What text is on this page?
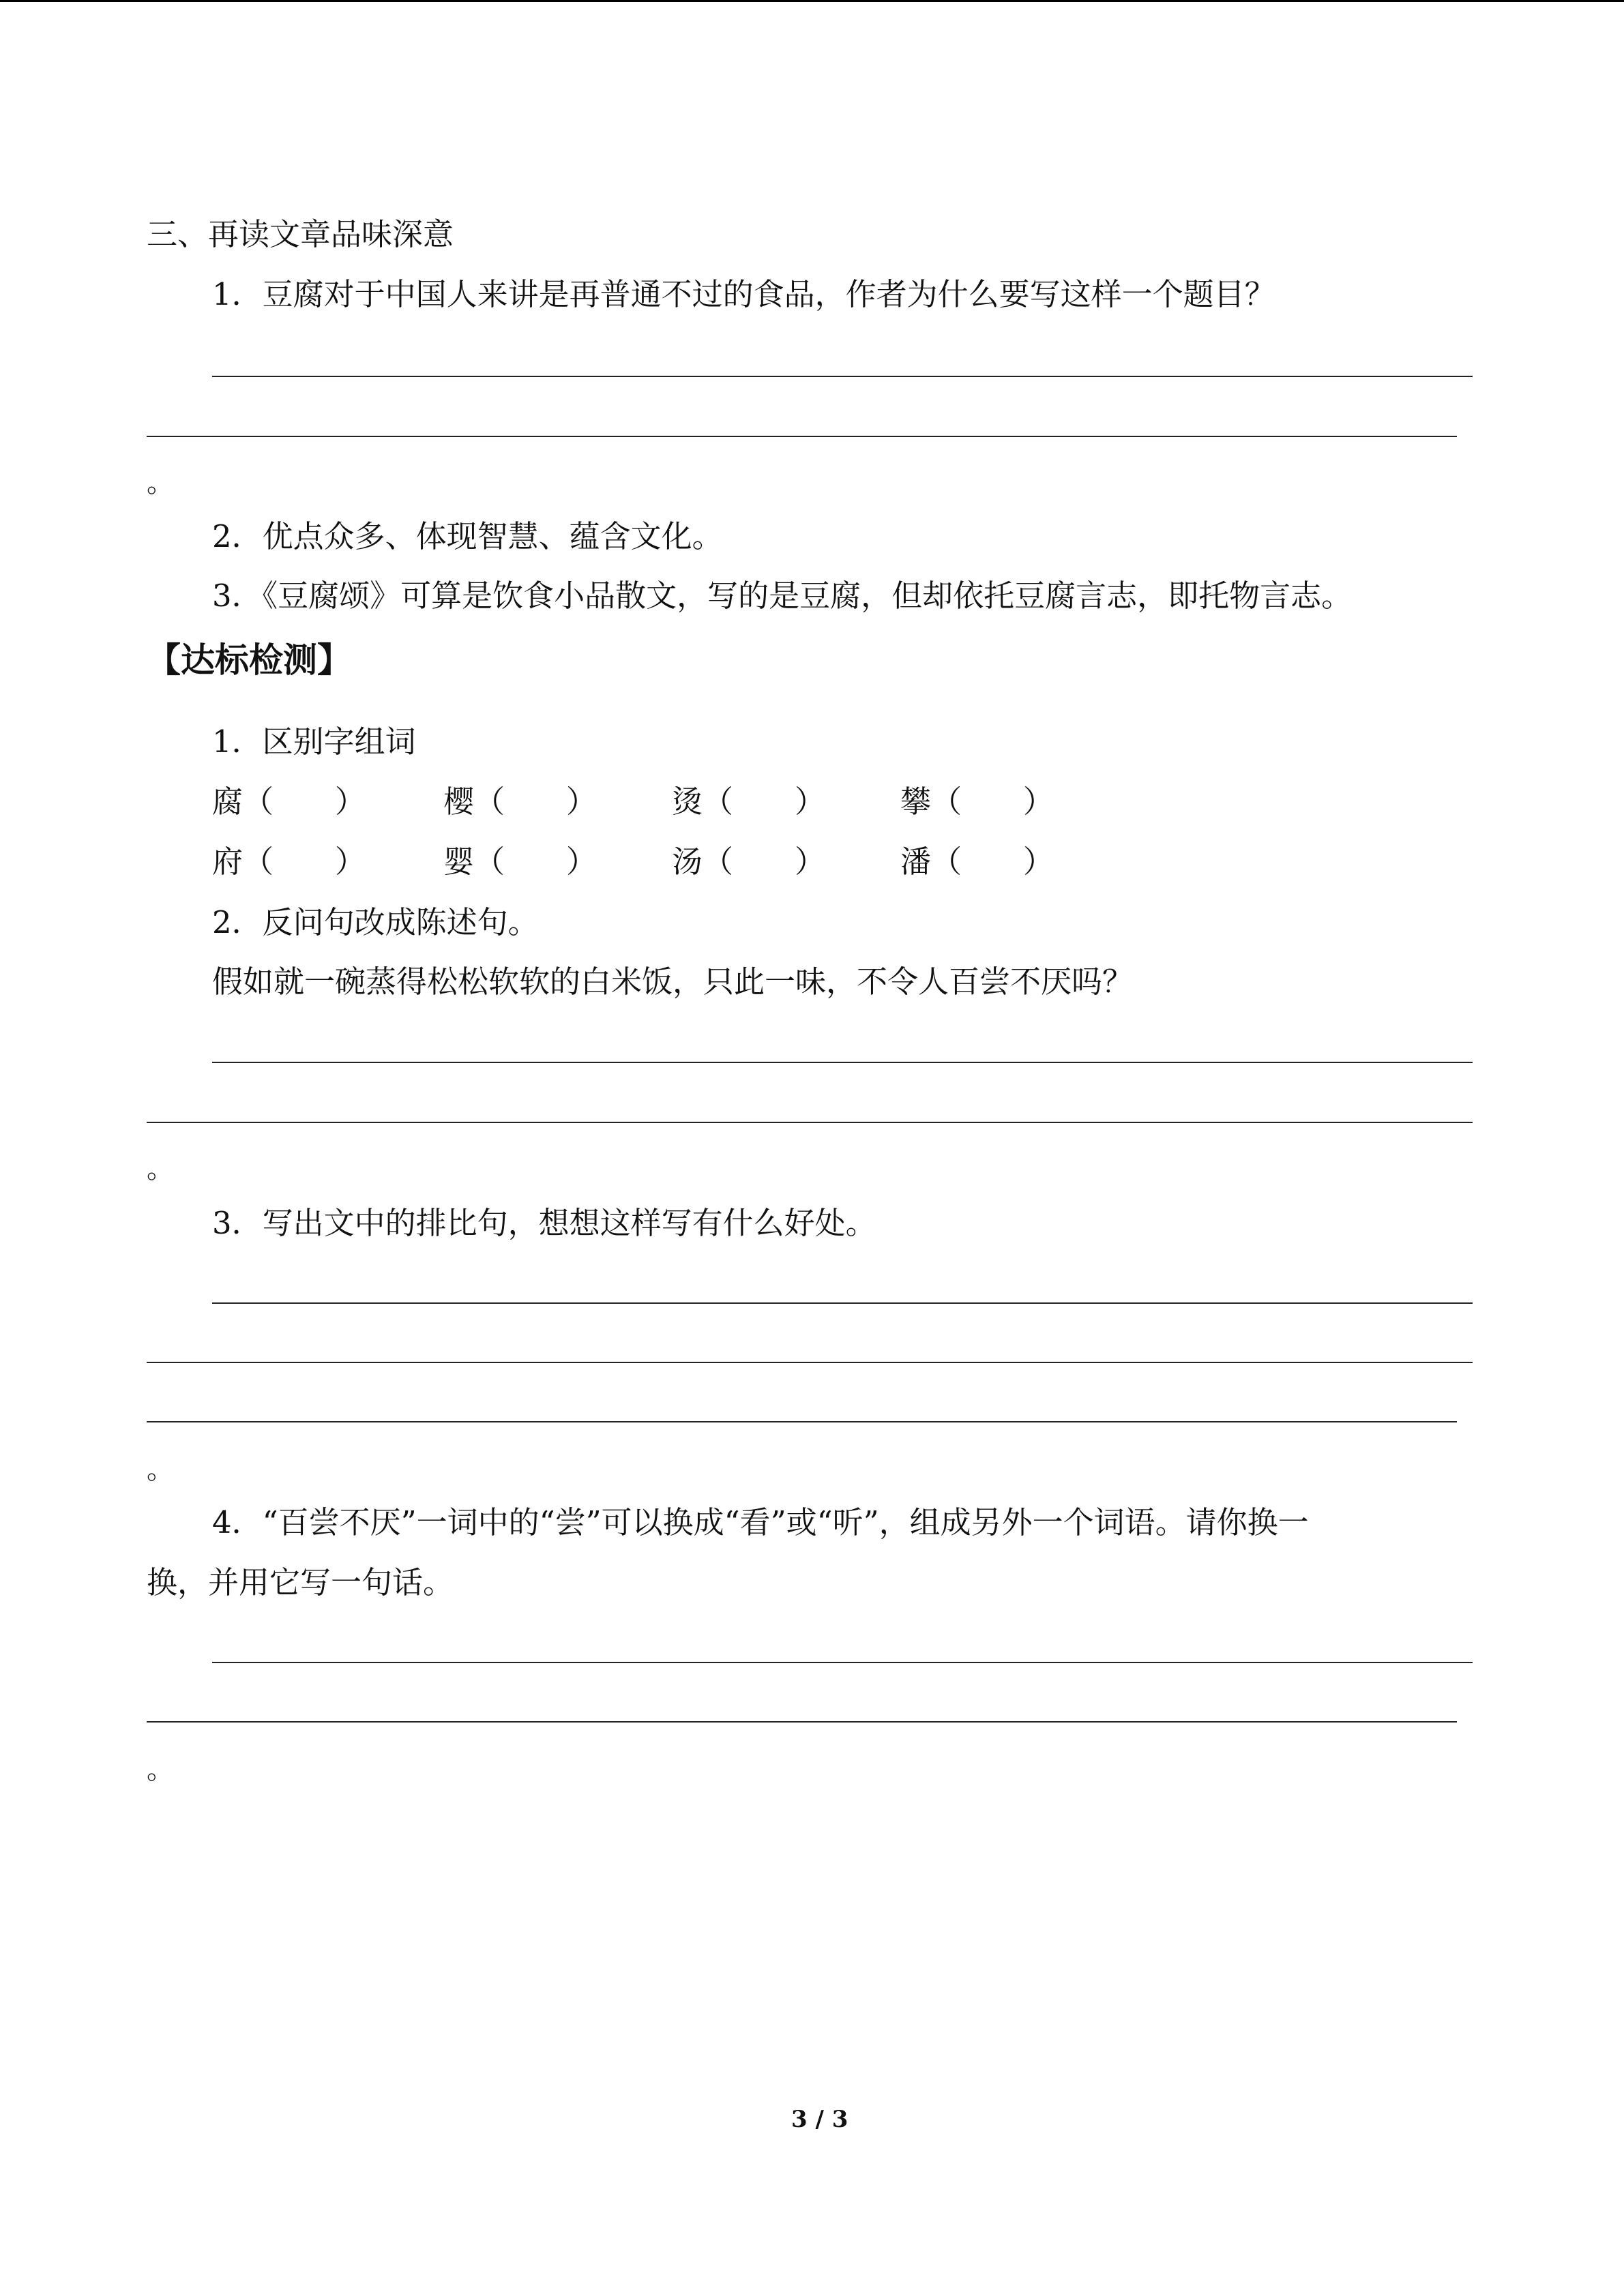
三、再读文章品味深意
1．豆腐对于中国人来讲是再普通不过的食品，作者为什么要写这样一个题目？
。
2．优点众多、体现智慧、蕴含文化。
3．《豆腐颂》可算是饮食小品散文，写的是豆腐，但却依托豆腐言志，即托物言志。
【达标检测】
1．区别字组词
腐（　　）	樱（　　） 烫（　　） 攀（　　）
府（　　）	婴（　　） 汤（　　） 潘（　　）
2．反问句改成陈述句。
假如就一碗蒸得松松软软的白米饭，只此一味，不令人百尝不厌吗？
。
3．写出文中的排比句，想想这样写有什么好处。
。
4．“百尝不厌”一词中的“尝”可以换成“看”或“听”，组成另外一个词语。请你换一
换，并用它写一句话。
。
3 / 3
